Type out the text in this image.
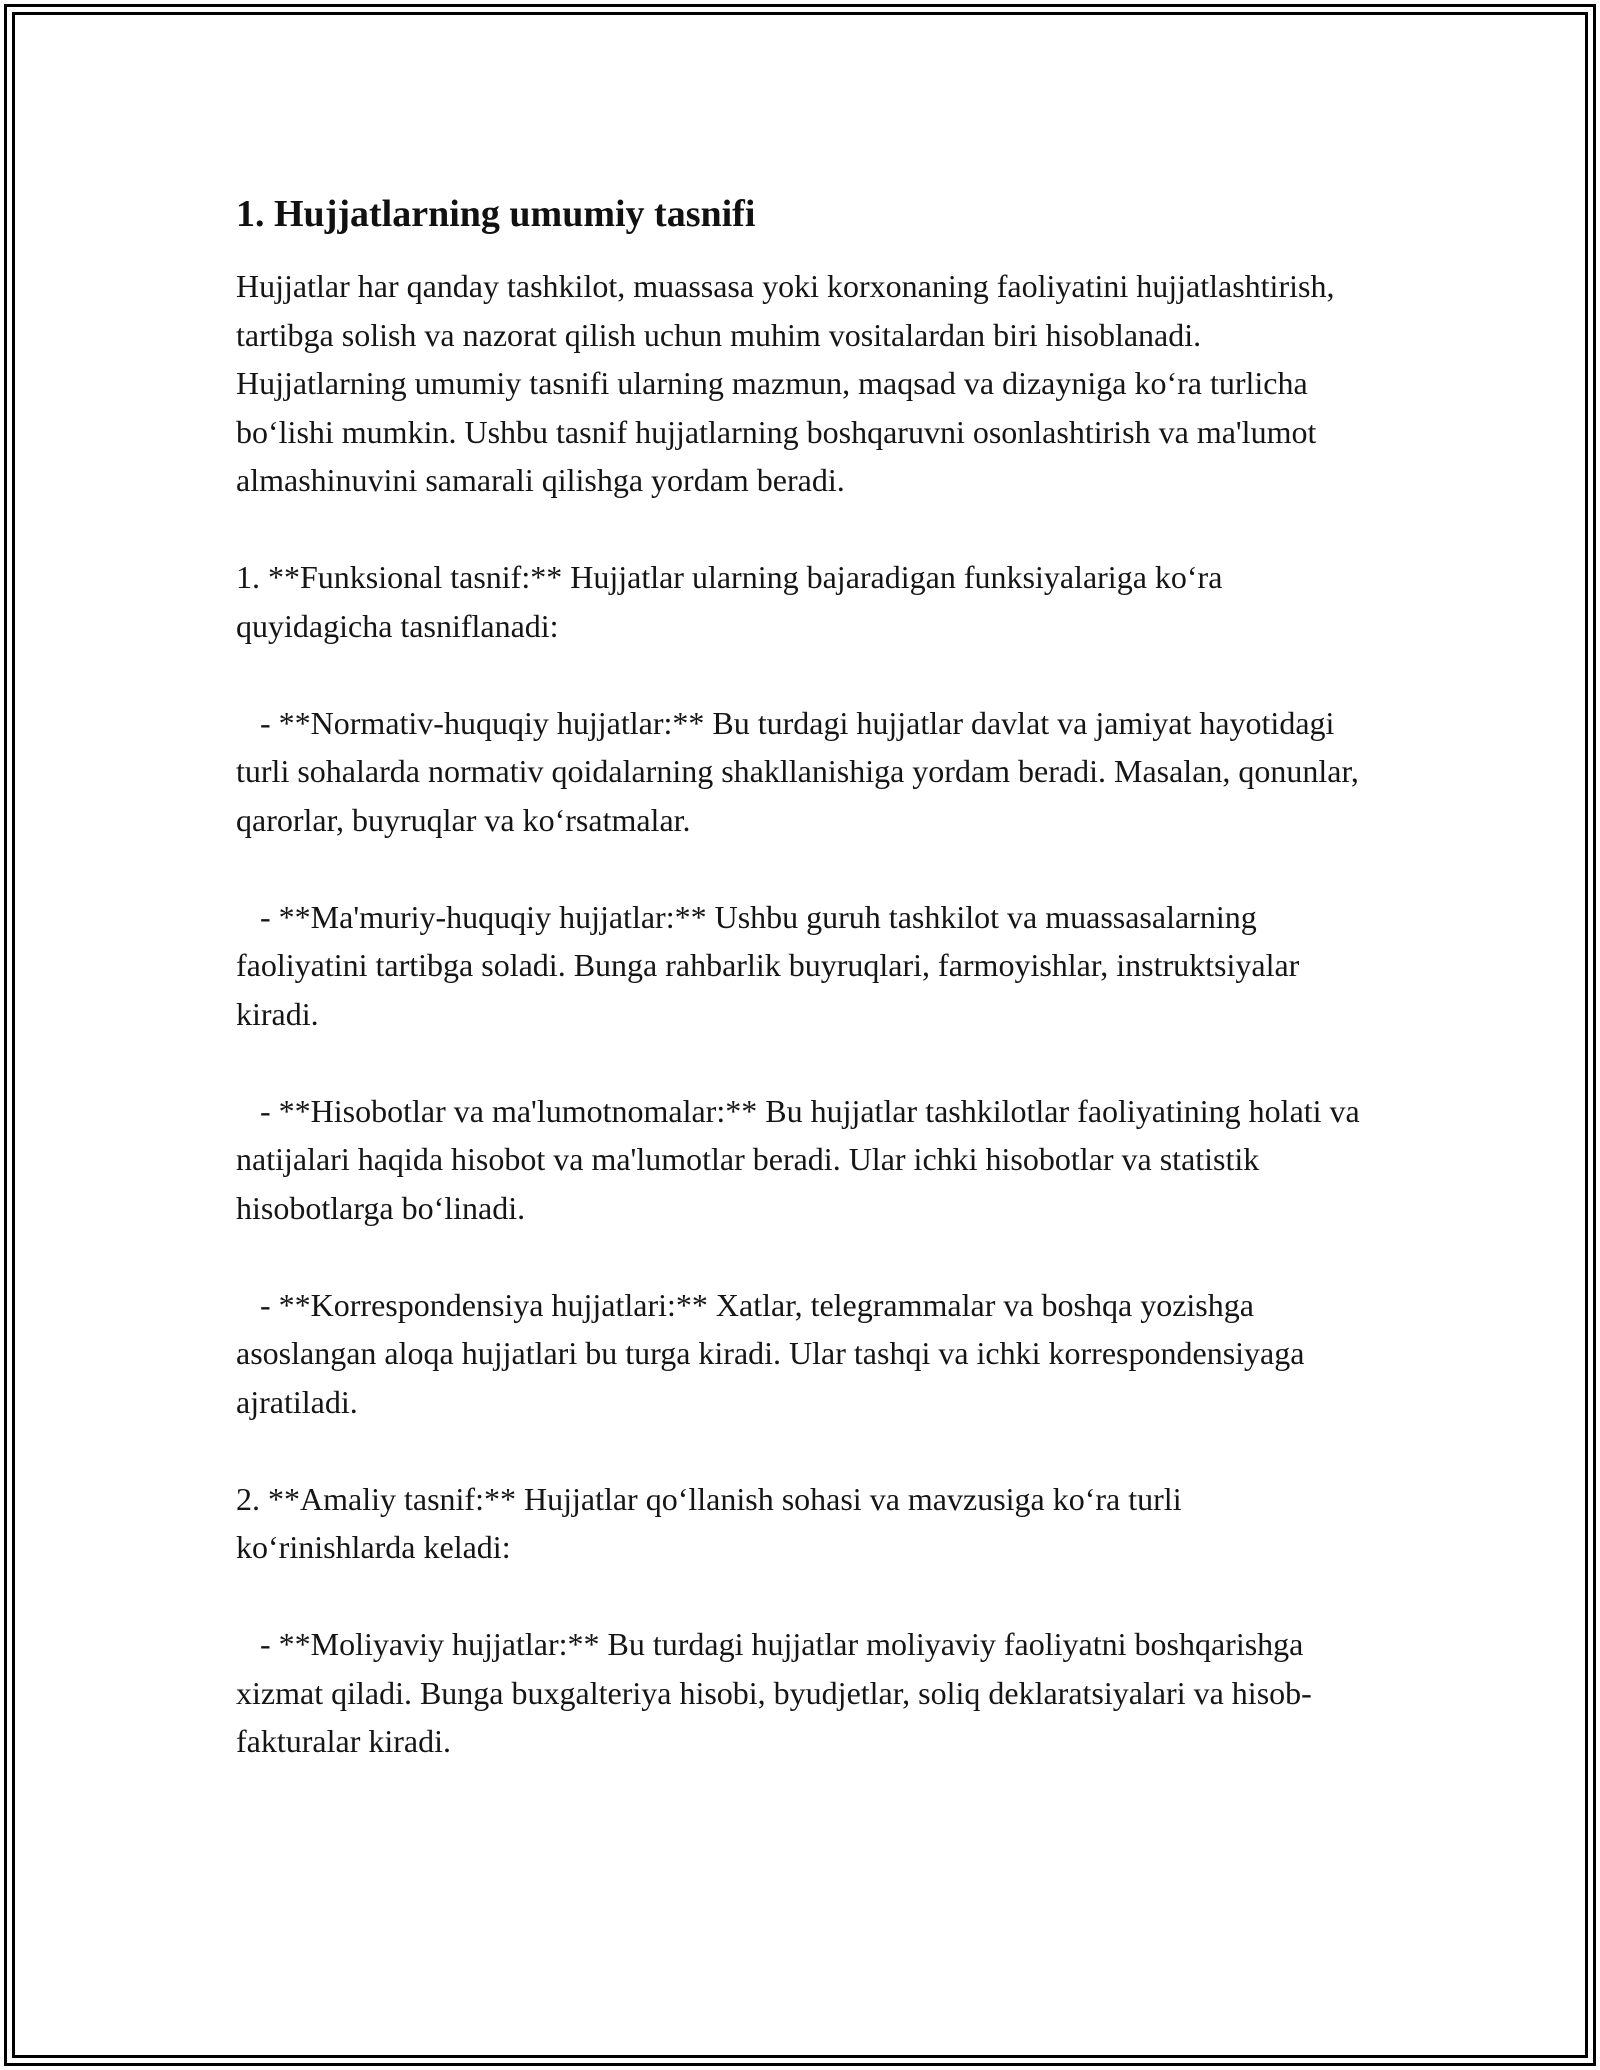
1. Hujjatlarning umumiy tasnifi

Hujjatlar har qanday tashkilot, muassasa yoki korxonaning faoliyatini hujjatlashtirish, tartibga solish va nazorat qilish uchun muhim vositalardan biri hisoblanadi. Hujjatlarning umumiy tasnifi ularning mazmun, maqsad va dizayniga ko‘ra turlicha bo‘lishi mumkin. Ushbu tasnif hujjatlarning boshqaruvni osonlashtirish va ma'lumot almashinuvini samarali qilishga yordam beradi.

1. **Funksional tasnif:** Hujjatlar ularning bajaradigan funksiyalariga ko‘ra quyidagicha tasniflanadi:

- **Normativ-huquqiy hujjatlar:** Bu turdagi hujjatlar davlat va jamiyat hayotidagi turli sohalarda normativ qoidalarning shakllanishiga yordam beradi. Masalan, qonunlar, qarorlar, buyruqlar va ko‘rsatmalar.

- **Ma'muriy-huquqiy hujjatlar:** Ushbu guruh tashkilot va muassasalarning faoliyatini tartibga soladi. Bunga rahbarlik buyruqlari, farmoyishlar, instruktsiyalar kiradi.

- **Hisobotlar va ma'lumotnomalar:** Bu hujjatlar tashkilotlar faoliyatining holati va natijalari haqida hisobot va ma'lumotlar beradi. Ular ichki hisobotlar va statistik hisobotlarga bo‘linadi.

- **Korrespondensiya hujjatlari:** Xatlar, telegrammalar va boshqa yozishga asoslangan aloqa hujjatlari bu turga kiradi. Ular tashqi va ichki korrespondensiyaga ajratiladi.

2. **Amaliy tasnif:** Hujjatlar qo‘llanish sohasi va mavzusiga ko‘ra turli ko‘rinishlarda keladi:

- **Moliyaviy hujjatlar:** Bu turdagi hujjatlar moliyaviy faoliyatni boshqarishga xizmat qiladi. Bunga buxgalteriya hisobi, byudjetlar, soliq deklaratsiyalari va hisob-fakturalar kiradi.
